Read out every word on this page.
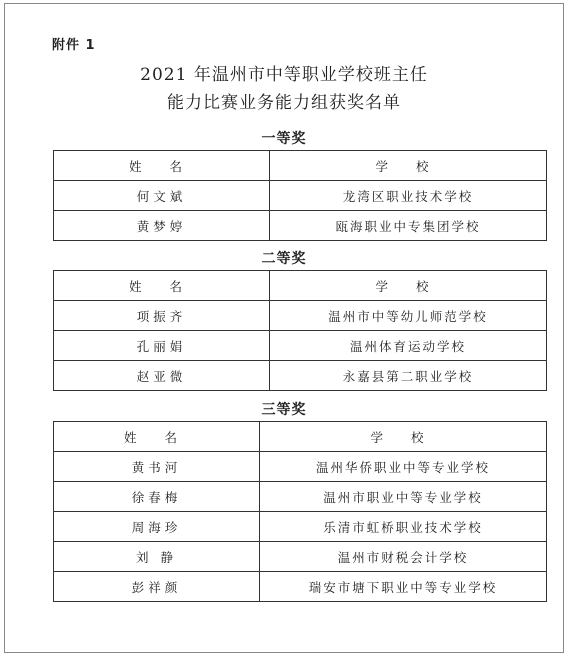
附件 1
2021 年温州市中等职业学校班主任
能力比赛业务能力组获奖名单
一等奖
姓 名	学 校
何文斌	龙湾区职业技术学校
黄梦婷	瓯海职业中专集团学校
二等奖
姓 名	学 校
项振齐	温州市中等幼儿师范学校
孔丽娟	温州体育运动学校
赵亚微	永嘉县第二职业学校
三等奖
姓 名	学 校
黄书河	温州华侨职业中等专业学校
徐春梅	温州市职业中等专业学校
周海珍	乐清市虹桥职业技术学校
刘 静	温州市财税会计学校
彭祥颜	瑞安市塘下职业中等专业学校
